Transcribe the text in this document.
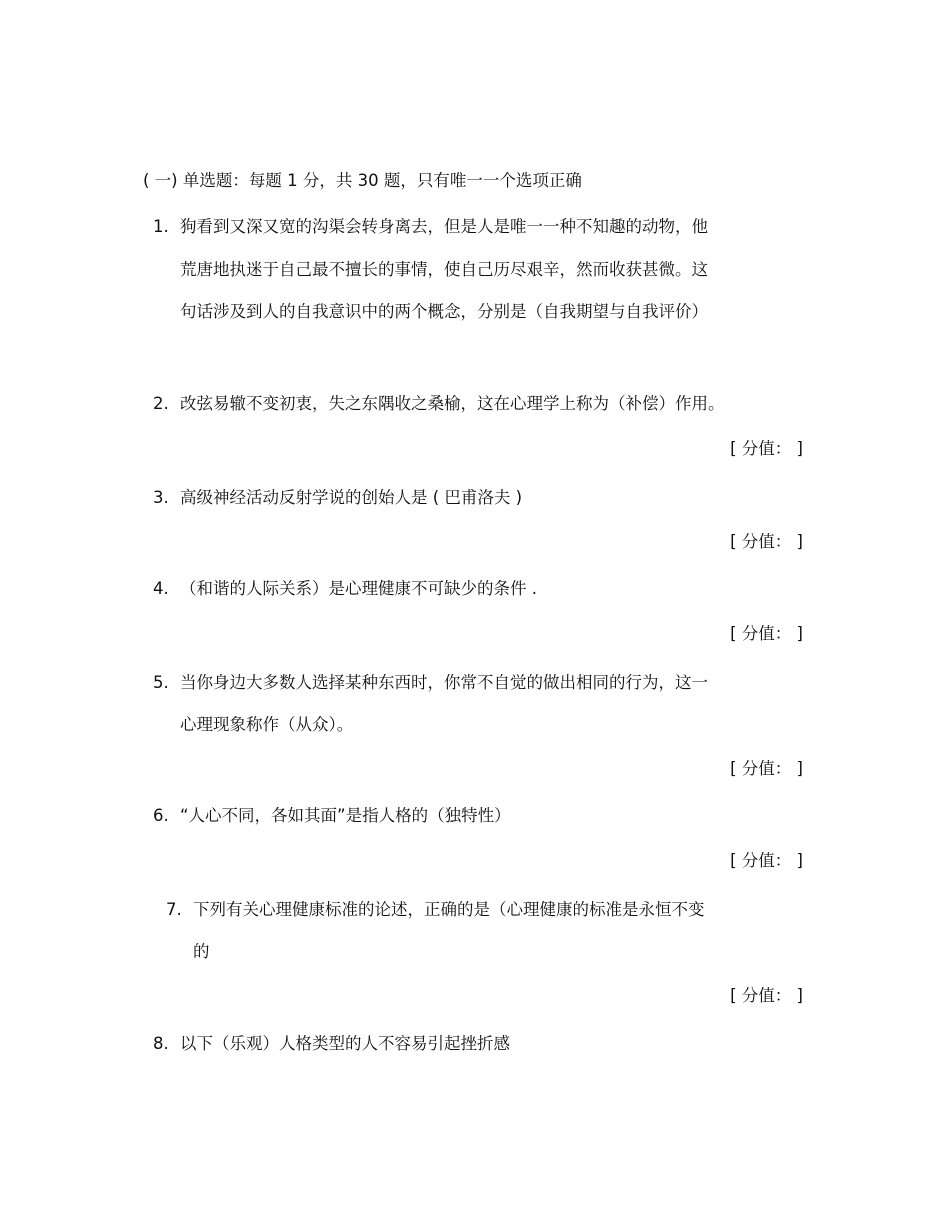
( 一) 单选题：每题 1 分，共 30 题，只有唯一一个选项正确
1. 狗看到又深又宽的沟渠会转身离去，但是人是唯一一种不知趣的动物，他
荒唐地执迷于自己最不擅长的事情，使自己历尽艰辛，然而收获甚微。这
句话涉及到人的自我意识中的两个概念，分别是（自我期望与自我评价）
2. 改弦易辙不变初衷，失之东隅收之桑榆，这在心理学上称为（补偿）作用。
[ 分值： ]
3. 高级神经活动反射学说的创始人是 ( 巴甫洛夫 )
[ 分值： ]
4. （和谐的人际关系）是心理健康不可缺少的条件 .
[ 分值： ]
5. 当你身边大多数人选择某种东西时，你常不自觉的做出相同的行为，这一
心理现象称作（从众）。
[ 分值： ]
6. “人心不同，各如其面”是指人格的（独特性）
[ 分值： ]
7. 下列有关心理健康标准的论述，正确的是（心理健康的标准是永恒不变
的
[ 分值： ]
8. 以下（乐观）人格类型的人不容易引起挫折感
